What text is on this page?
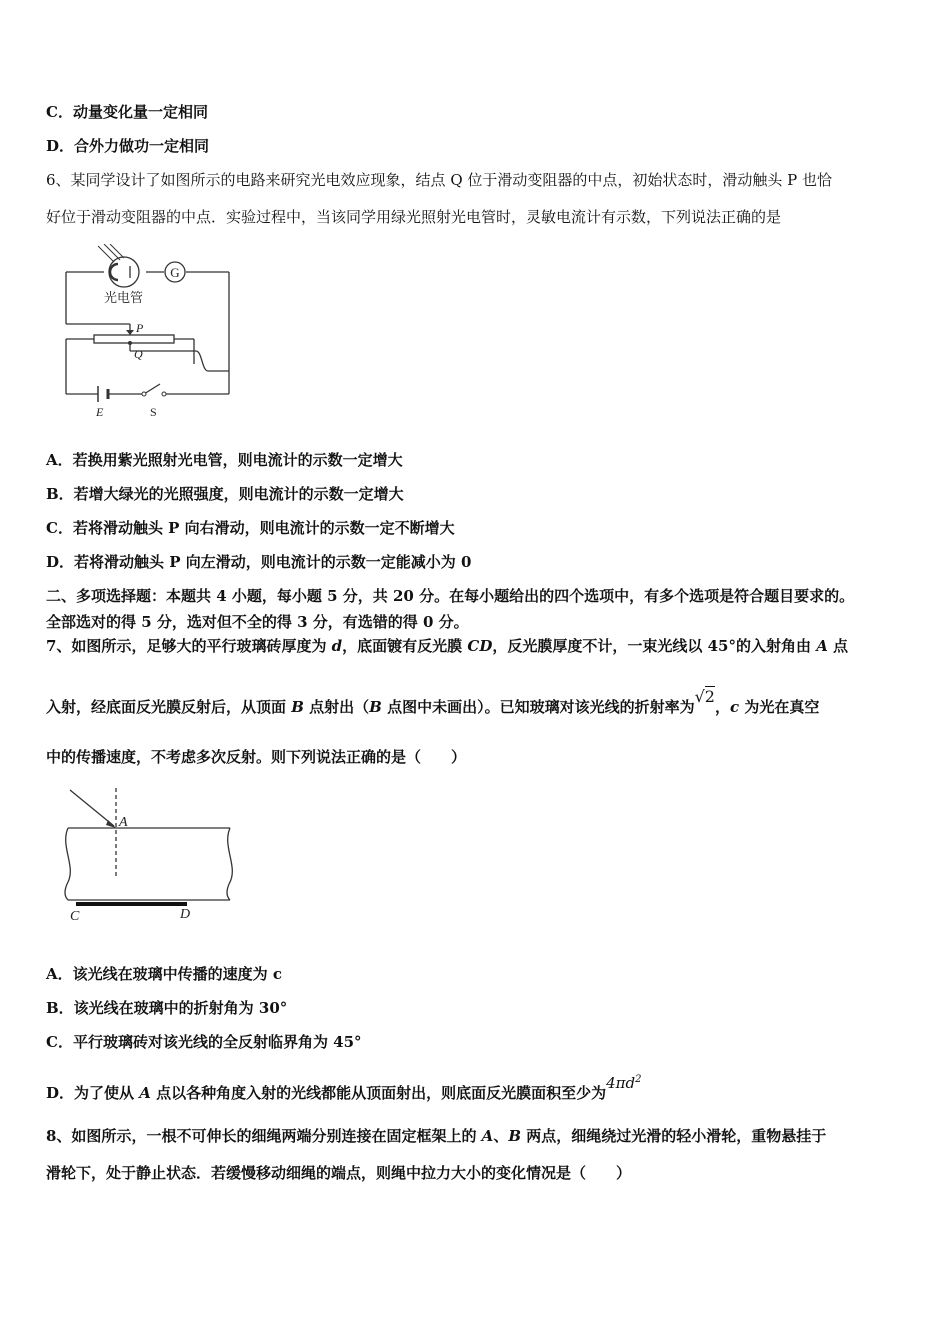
C．动量变化量一定相同
D．合外力做功一定相同
6、某同学设计了如图所示的电路来研究光电效应现象，结点 Q 位于滑动变阻器的中点，初始状态时，滑动触头 P 也恰
好位于滑动变阻器的中点．实验过程中，当该同学用绿光照射光电管时，灵敏电流计有示数，下列说法正确的是
G
光电管
P
Q
E	S
A．若换用紫光照射光电管，则电流计的示数一定增大
B．若增大绿光的光照强度，则电流计的示数一定增大
C．若将滑动触头 P 向右滑动，则电流计的示数一定不断增大
D．若将滑动触头 P 向左滑动，则电流计的示数一定能减小为 0
二、多项选择题：本题共 4 小题，每小题 5 分，共 20 分。在每小题给出的四个选项中，有多个选项是符合题目要求的。
全部选对的得 5 分，选对但不全的得 3 分，有选错的得 0 分。
7、如图所示，足够大的平行玻璃砖厚度为 d，底面镀有反光膜 CD，反光膜厚度不计，一束光线以 45°的入射角由 A 点
入射，经底面反光膜反射后，从顶面 B 点射出（B 点图中未画出）。已知玻璃对该光线的折射率为√2，c 为光在真空
中的传播速度，不考虑多次反射。则下列说法正确的是（　　）
A
C	D
A．该光线在玻璃中传播的速度为 c
B．该光线在玻璃中的折射角为 30°
C．平行玻璃砖对该光线的全反射临界角为 45°
D．为了使从 A 点以各种角度入射的光线都能从顶面射出，则底面反光膜面积至少为$4\pi d^2$
8、如图所示，一根不可伸长的细绳两端分别连接在固定框架上的 A、B 两点，细绳绕过光滑的轻小滑轮，重物悬挂于
滑轮下，处于静止状态．若缓慢移动细绳的端点，则绳中拉力大小的变化情况是（　　）
